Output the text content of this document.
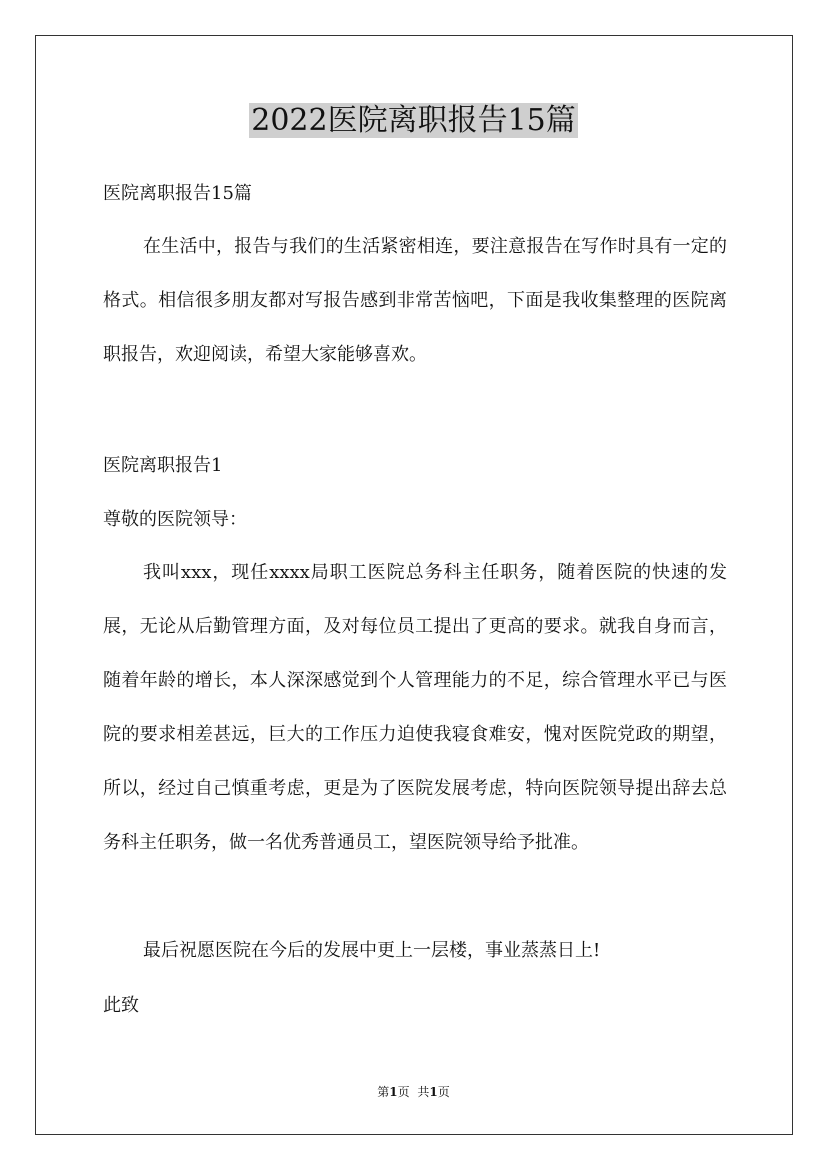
2022医院离职报告15篇
医院离职报告15篇
在生活中，报告与我们的生活紧密相连，要注意报告在写作时具有一定的格式。相信很多朋友都对写报告感到非常苦恼吧，下面是我收集整理的医院离职报告，欢迎阅读，希望大家能够喜欢。
医院离职报告1
尊敬的医院领导：
我叫xxx，现任xxxx局职工医院总务科主任职务，随着医院的快速的发展，无论从后勤管理方面，及对每位员工提出了更高的要求。就我自身而言，随着年龄的增长，本人深深感觉到个人管理能力的不足，综合管理水平已与医院的要求相差甚远，巨大的工作压力迫使我寝食难安，愧对医院党政的期望，所以，经过自己慎重考虑，更是为了医院发展考虑，特向医院领导提出辞去总务科主任职务，做一名优秀普通员工，望医院领导给予批准。
最后祝愿医院在今后的发展中更上一层楼，事业蒸蒸日上!
此致
第1页 共1页
